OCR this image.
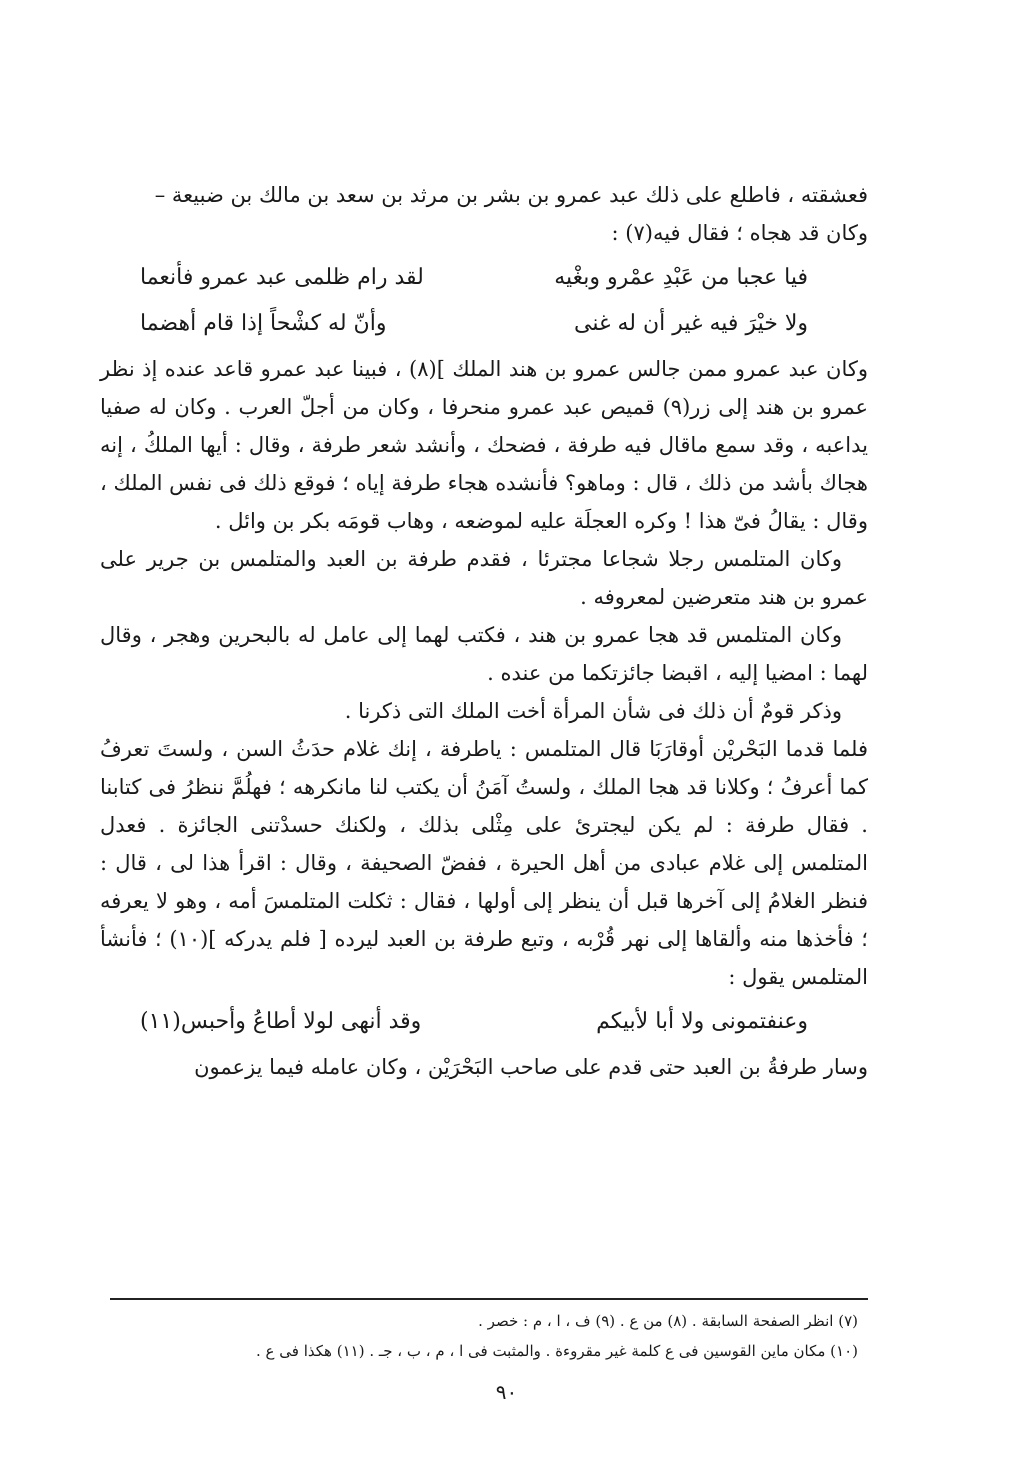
فعشقته ، فاطلع على ذلك عبد عمرو بن بشر بن مرثد بن سعد بن مالك بن ضبيعة –

وكان قد هجاه ؛ فقال فيه(٧) :

فيا عجبا من عَبْدِ عمْرو وبغْيه
لقد رام ظلمى عبد عمرو فأنعما
ولا خيْرَ فيه غير أن له غنى
وأنّ له كشْحاً إذا قام أهضما

وكان عبد عمرو ممن جالس عمرو بن هند الملك ](٨) ، فبينا عبد عمرو قاعد عنده إذ نظر عمرو بن هند إلى زر(٩) قميص عبد عمرو منحرفا ، وكان من أجلّ العرب . وكان له صفيا يداعبه ، وقد سمع ماقال فيه طرفة ، فضحك ، وأنشد شعر طرفة ، وقال : أيها الملكُ ، إنه هجاك بأشد من ذلك ، قال : وماهو؟ فأنشده هجاء طرفة إياه ؛ فوقع ذلك فى نفس الملك ، وقال : يقالُ فىّ هذا ! وكره العجلَة عليه لموضعه ، وهاب قومَه بكر بن وائل .

وكان المتلمس رجلا شجاعا مجترئا ، فقدم طرفة بن العبد والمتلمس بن جرير على عمرو بن هند متعرضين لمعروفه .

وكان المتلمس قد هجا عمرو بن هند ، فكتب لهما إلى عامل له بالبحرين وهجر ، وقال لهما : امضيا إليه ، اقبضا جائزتكما من عنده .

وذكر قومٌ أن ذلك فى شأن المرأة أخت الملك التى ذكرنا .

فلما قدما البَحْريْن أوقارَبَا قال المتلمس : ياطرفة ، إنك غلام حدَثُ السن ، ولستَ تعرفُ كما أعرفُ ؛ وكلانا قد هجا الملك ، ولستُ آمَنُ أن يكتب لنا مانكرهه ؛ فهلُمَّ ننظرُ فى كتابنا . فقال طرفة : لم يكن ليجترئ على مِثْلى بذلك ، ولكنك حسدْتنى الجائزة . فعدل المتلمس إلى غلام عبادى من أهل الحيرة ، ففضّ الصحيفة ، وقال : اقرأ هذا لى ، قال : فنظر الغلامُ إلى آخرها قبل أن ينظر إلى أولها ، فقال : ثكلت المتلمسَ أمه ، وهو لا يعرفه ؛ فأخذها منه وألقاها إلى نهر قُرْبه ، وتبع طرفة بن العبد ليرده [ فلم يدركه ](١٠) ؛ فأنشأ المتلمس يقول :

وعنفتمونى ولا أبا لأبيكم
وقد أنهى لولا أطاعُ وأحبس(١١)

وسار طرفةُ بن العبد حتى قدم على صاحب البَحْرَيْن ، وكان عامله فيما يزعمون

(٧) انظر الصفحة السابقة . (٨) من ع . (٩) ف ، ا ، م : خصر .

(١٠) مكان ماين القوسين فى ع كلمة غير مقروءة . والمثبت فى ا ، م ، ب ، جـ . (١١) هكذا فى ع .

٩٠
